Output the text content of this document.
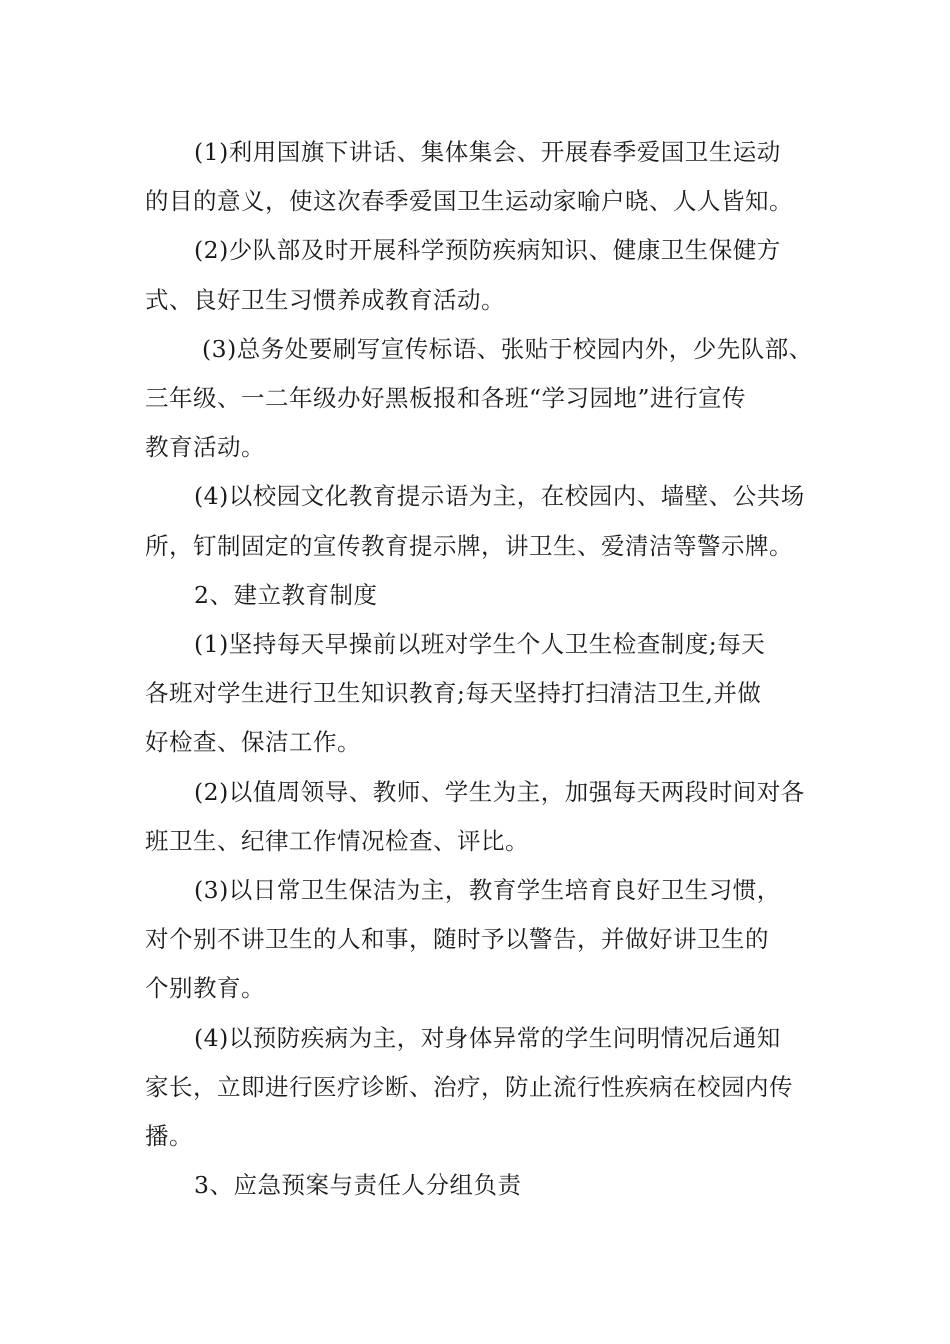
(1)利用国旗下讲话、集体集会、开展春季爱国卫生运动
的目的意义，使这次春季爱国卫生运动家喻户晓、人人皆知。

(2)少队部及时开展科学预防疾病知识、健康卫生保健方
式、良好卫生习惯养成教育活动。

(3)总务处要刷写宣传标语、张贴于校园内外，少先队部、
三年级、一二年级办好黑板报和各班“学习园地”进行宣传
教育活动。

(4)以校园文化教育提示语为主，在校园内、墙壁、公共场
所，钉制固定的宣传教育提示牌，讲卫生、爱清洁等警示牌。

2、建立教育制度

(1)坚持每天早操前以班对学生个人卫生检查制度;每天
各班对学生进行卫生知识教育;每天坚持打扫清洁卫生,并做
好检查、保洁工作。

(2)以值周领导、教师、学生为主，加强每天两段时间对各
班卫生、纪律工作情况检查、评比。

(3)以日常卫生保洁为主，教育学生培育良好卫生习惯，
对个别不讲卫生的人和事，随时予以警告，并做好讲卫生的
个别教育。

(4)以预防疾病为主，对身体异常的学生问明情况后通知
家长，立即进行医疗诊断、治疗，防止流行性疾病在校园内传
播。

3、应急预案与责任人分组负责
